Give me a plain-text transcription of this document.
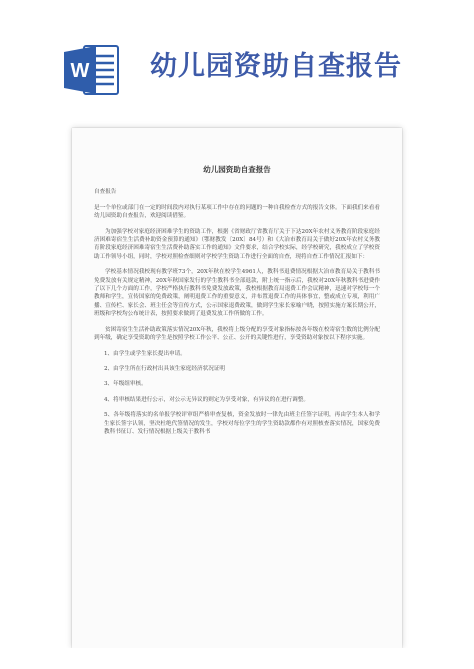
W 幼儿园资助自查报告
幼儿园资助自查报告

自查报告

是一个单位或部门在一定的时间段内对执行某项工作中存在的问题的一种自我检查方式的报告文体。下面我们来看看幼儿园资助自查报告，欢迎阅读借鉴。

为加强学校对家庭经济困难学生的资助工作，根据《省财政厅省教育厅关于下达20X年农村义务教育阶段家庭经济困难寄宿生生活费补助资金预算的通知》（鄂财教发〔20X〕84号）和《大冶市教育局关于做好20X年农村义务教育阶段家庭经济困难寄宿生生活费补助落实工作的通知》文件要求，结合学校实际，经学校研究，我校成立了学校资助工作领导小组，同时，学校对照检查细则对学校学生资助工作进行全面的自查，现将自查工作情况汇报如下：

学校基本情况我校现有教学班73个，20X年秋在校学生4961人，教科书退费情况根据大冶市教育局关于教科书免费发放有关规定精神，20X年秋国家发行的学生教科书全部退款，附上统一指示后，我校对20X年秋教科书进费作了以下几个方面的工作，学校严格执行教科书免费发放政策，我校根据教育局退费工作会议精神，迅速对学校每一个教师和学生，宣传国家的免费政策，阐明退费工作的重要意义，并布置退费工作的具体事宜，整或成立专项，利用广播、宣传栏、家长会、班主任会等宣传方式，公示国家退费政策，做到学生家长家喻户晓，按照实施方案长期公开，班级和学校均公布统计表，按照要求做到了退费发放工作所做的工作。

贫困寄宿生生活补助政策落实情况20X年秋，我校将上级分配的享受对象指标按各年级在校寄宿生数的比例分配到年级，确定享受资助的学生是按照学校工作公平、公正、公开的关键性进行，享受资助对象按以下程序实施。

1、由学生或学生家长提出申请。

2、由学生所在行政村出具该生家庭经济状况证明

3、年级组审核。

4、将审核结果进行公示，对公示无异议的则定为享受对象，有异议的在进行调整。

5、各年级将落实的名单报学校评审组严格审查复核，资金发放时一律先由班主任签字证明，再由学生本人和学生家长签字认领，坚决杜绝代签情况的发生，学校对每位学生的学生资助款都作有对照核查落实情况，国家免费教科书征订、发行情况根据上级关于教科书
